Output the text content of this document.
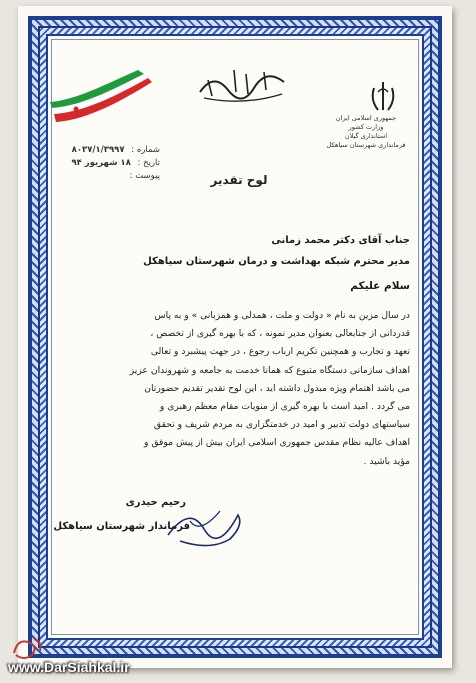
جمهوری اسلامی ایران
وزارت کشور
استانداری گیلان
فرمانداری شهرستان سیاهکل
شماره : ۸۰۳۷/۱/۳۹۹۷
تاریخ : ۱۸ شهریور ۹۴
پیوست :	لوح تقدیر
جناب آقای دکتر محمد زمانی
مدیر محترم شبکه بهداشت و درمان شهرستان سیاهکل
سلام علیکم
در سال مزین به نام « دولت و ملت ، همدلی و همزبانی » و به پاس
قدردانی از جنابعالی بعنوان مدیر نمونه ، که با بهره گیری از تخصص ،
تعهد و تجارب و همچنین تکریم ارباب رجوع ، در جهت پیشبرد و تعالی
اهداف سازمانی دستگاه متبوع که همانا خدمت به جامعه و شهروندان عزیز
می باشد اهتمام ویژه مبذول داشته اید ، این لوح تقدیر تقدیم حضورتان
می گردد . امید است با بهره گیری از منویات مقام معظم رهبری و
سیاستهای دولت تدبیر و امید در خدمتگزاری به مردم شریف و تحقق
اهداف عالیه نظام مقدس جمهوری اسلامی ایران بیش از پیش موفق و
مؤید باشید .
رحیم حیدری
فرماندار شهرستان سیاهکل
www.DarSiahkal.ir
